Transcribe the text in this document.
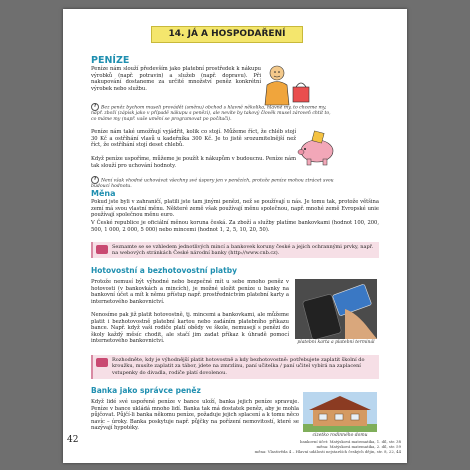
14. JÁ A HOSPODAŘENÍ
PENÍZE
Peníze nám slouží především jako platební prostředek k nákupu výrobků (např. potravin) a služeb (např. dopravu). Při nakupování dostaneme za určité množství peněz konkrétní výrobek nebo službu.
? Bez peněz bychom museli provádět (směnu) obchod s hlavně několika, hlavně my, to chceme my, např. zboží (zápisk jako v případě nákupu s penězi), ale nevíte by takový člověk musel zároveň chtít to, co máme my (např. vaše umění se programovat po počítači).
Peníze nám také umožňují vyjádřit, kolik co stojí. Můžeme říct, že chléb stojí 30 Kč a ostříhání vlasů u kadeřníka 300 Kč. Je to jistě srozumitelnější než říct, že ostříhání stojí deset chlebů.
Když peníze uspoříme, můžeme je použít k nákupům v budoucnu. Peníze nám tak slouží pro uchování hodnoty.
? Není však vhodné uchovávat všechny své úspory jen v penězích, protože peníze mohou ztrácet svou budoucí hodnotu.
Měna
Pokud jste byli v zahraničí, platili jste tam jinými penězi, než se používají u nás. Je tomu tak, protože většina zemí má svou vlastní měnu. Některé země však používají měnu společnou, např. mnohé země Evropské unie používají společnou měnu euro.
V České republice je oficiální měnou koruna česká. Za zboží a služby platíme bankovkami (hodnot 100, 200, 500, 1 000, 2 000, 5 000) nebo mincemi (hodnot 1, 2, 5, 10, 20, 50).
Seznamte se se vzhledem jednotlivých mincí a bankovek koruny české a jejich ochrannými prvky, např. na webových stránkách České národní banky (http://www.cnb.cz).
Hotovostní a bezhotovostní platby
Protože nemusí být výhodné nebo bezpečné mít u sebe mnoho peněz v hotovosti (v bankovkách a mincích), je možné uložit peníze u banky na bankovní účet a mít k němu přístup např. prostřednictvím platební karty a internetového bankovnictví.
platební karta a platební terminál
Nenosíme pak již platit hotovostně, tj. mincemi a bankovkami, ale můžeme platit i bezhotovostně platební kartou nebo zadáním platebního příkazu bance. Např. když vaši rodiče platí obědy ve škole, nemusejí s penězi do školy každý měsíc chodit, ale stačí jim zadat příkaz k úhradě pomocí internetového bankovnictví.
Rozhodněte, kdy je výhodnější platit hotovostně a kdy bezhotovostně: potřebujete zaplatit školní do kroužku, musíte zaplatit za tábor, jdete na zmrzlinu, paní učitelka / paní učitel vybírá na zaplacení vstupenky do divadla, rodiče platí dovolenou.
Banka jako správce peněz
Když lidé své uspořené peníze v bance uloží, banka jejich peníze spravuje. Peníze v bance ukládá mnoho lidí. Banka tak má dostatek peněz, aby je mohla půjčovat. Půjčí-li banka někomu peníze, požaduje jejich splacení a k tomu něco navíc – úroky. Banka poskytuje např. půjčky na pořízení nemovitostí, které se nazývají hypotéky.
cizetko rodinného domu
42	bankovní účet: Matýsková matematika, 1. díl, str. 38
měna: Matýsková matematika, 2. díl, str. 59
měna: Vlastivěda 4 – Hlavní události nejstarších českých dějin, str. 8, 22, 44
